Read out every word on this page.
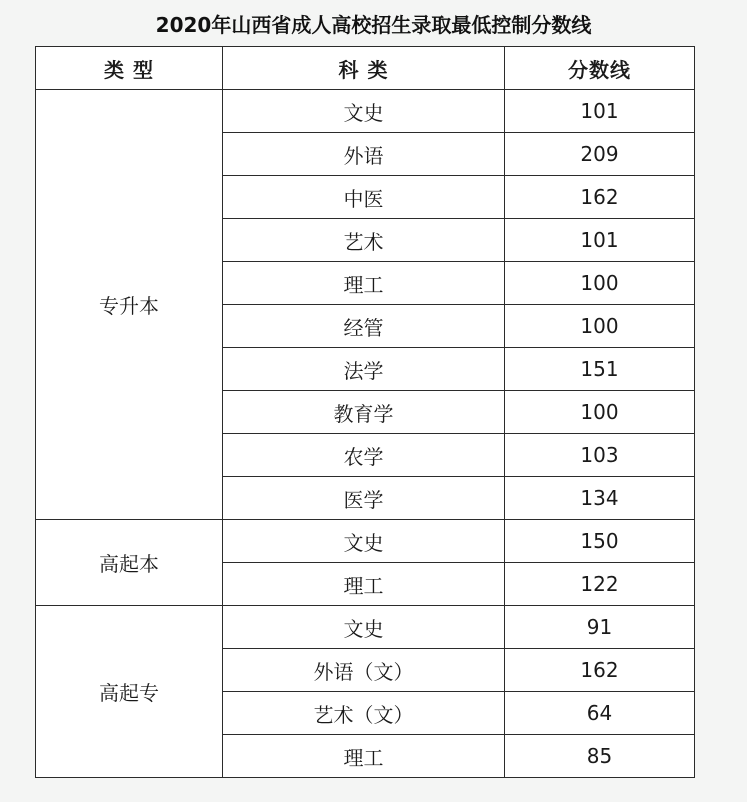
2020年山西省成人高校招生录取最低控制分数线
类 型	科 类	分数线
专升本	文史	101
	外语	209
	中医	162
	艺术	101
	理工	100
	经管	100
	法学	151
	教育学	100
	农学	103
	医学	134
高起本	文史	150
	理工	122
高起专	文史	91
	外语（文）	162
	艺术（文）	64
	理工	85
